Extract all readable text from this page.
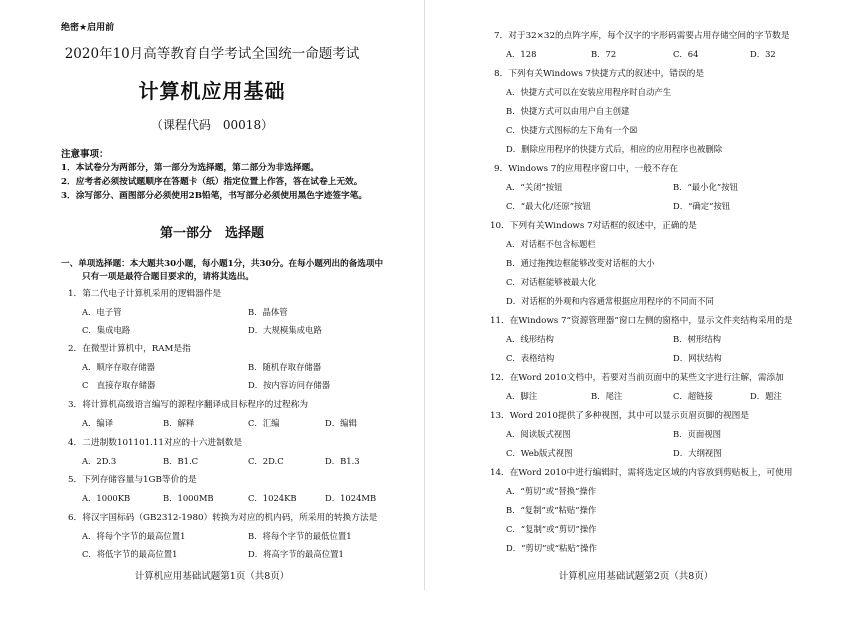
绝密★启用前
2020年10月高等教育自学考试全国统一命题考试
计算机应用基础
（课程代码　00018）
注意事项：
1．本试卷分为两部分，第一部分为选择题，第二部分为非选择题。
2．应考者必须按试题顺序在答题卡（纸）指定位置上作答，答在试卷上无效。
3．涂写部分、画图部分必须使用2B铅笔，书写部分必须使用黑色字迹签字笔。
第一部分　选择题
一、单项选择题：本大题共30小题，每小题1分，共30分。在每小题列出的备选项中
只有一项是最符合题目要求的，请将其选出。
1．第二代电子计算机采用的逻辑器件是
A．电子管	B．晶体管
C．集成电路	D．大规模集成电路
2．在微型计算机中，RAM是指
A．顺序存取存储器	B．随机存取存储器
C　直接存取存储器	D．按内容访问存储器
3．将计算机高级语言编写的源程序翻译成目标程序的过程称为
A．编译	B．解释	C．汇编	D．编辑
4．二进制数101101.11对应的十六进制数是
A．2D.3	B．B1.C	C．2D.C	D．B1.3
5．下列存储容量与1GB等价的是
A．1000KB	B．1000MB	C．1024KB	D．1024MB
6．将汉字国标码（GB2312-1980）转换为对应的机内码，所采用的转换方法是
A．将每个字节的最高位置1	B．将每个字节的最低位置1
C．将低字节的最高位置1	D．将高字节的最高位置1
计算机应用基础试题第1页（共8页）
7．对于32×32的点阵字库，每个汉字的字形码需要占用存储空间的字节数是
A．128	B．72	C．64	D．32
8．下列有关Windows 7快捷方式的叙述中，错误的是
A．快捷方式可以在安装应用程序时自动产生
B．快捷方式可以由用户自主创建
C．快捷方式图标的左下角有一个☒
D．删除应用程序的快捷方式后，相应的应用程序也被删除
9．Windows 7的应用程序窗口中，一般不存在
A．“关闭”按钮	B．“最小化”按钮
C．“最大化/还原”按钮	D．“确定”按钮
10．下列有关Windows 7对话框的叙述中，正确的是
A．对话框不包含标题栏
B．通过拖拽边框能够改变对话框的大小
C．对话框能够被最大化
D．对话框的外观和内容通常根据应用程序的不同而不同
11．在Windows 7“资源管理器”窗口左侧的窗格中，显示文件夹结构采用的是
A．线形结构	B．树形结构
C．表格结构	D．网状结构
12．在Word 2010文档中，若要对当前页面中的某些文字进行注解，需添加
A．脚注	B．尾注	C．超链接	D．题注
13．Word 2010提供了多种视图，其中可以显示页眉页脚的视图是
A．阅读版式视图	B．页面视图
C．Web版式视图	D．大纲视图
14．在Word 2010中进行编辑时，需将选定区域的内容放到剪贴板上，可使用
A．“剪切”或“替换”操作
B．“复制”或“粘贴”操作
C．“复制”或“剪切”操作
D．“剪切”或“粘贴”操作
计算机应用基础试题第2页（共8页）
